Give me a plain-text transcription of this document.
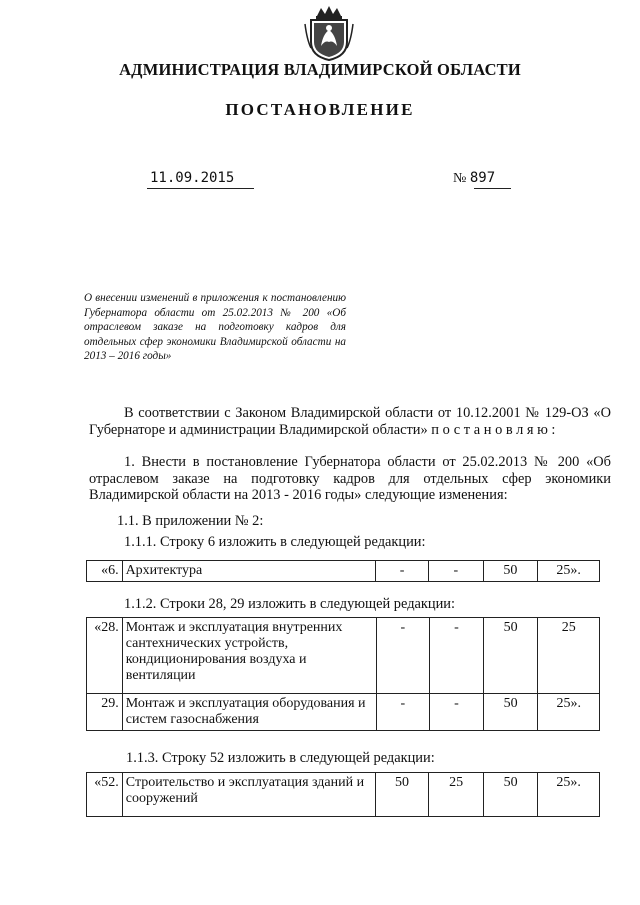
АДМИНИСТРАЦИЯ ВЛАДИМИРСКОЙ ОБЛАСТИ
ПОСТАНОВЛЕНИЕ
11.09.2015	№ 897
О внесении изменений в приложения к постановлению Губернатора области от 25.02.2013 № 200 «Об отраслевом заказе на подготовку кадров для отдельных сфер экономики Владимирской области на 2013 – 2016 годы»
В соответствии с Законом Владимирской области от 10.12.2001 № 129-ОЗ «О Губернаторе и администрации Владимирской области» постановляю:
1. Внести в постановление Губернатора области от 25.02.2013 № 200 «Об отраслевом заказе на подготовку кадров для отдельных сфер экономики Владимирской области на 2013 - 2016 годы» следующие изменения:
1.1. В приложении № 2:
1.1.1. Строку 6 изложить в следующей редакции:
«6.	Архитектура	-	-	50	25».
1.1.2. Строки 28, 29 изложить в следующей редакции:
«28.	Монтаж и эксплуатация внутренних сантехнических устройств, кондиционирования воздуха и вентиляции	-	-	50	25
29.	Монтаж и эксплуатация оборудования и систем газоснабжения	-	-	50	25».
1.1.3. Строку 52 изложить в следующей редакции:
«52.	Строительство и эксплуатация зданий и сооружений	50	25	50	25».
